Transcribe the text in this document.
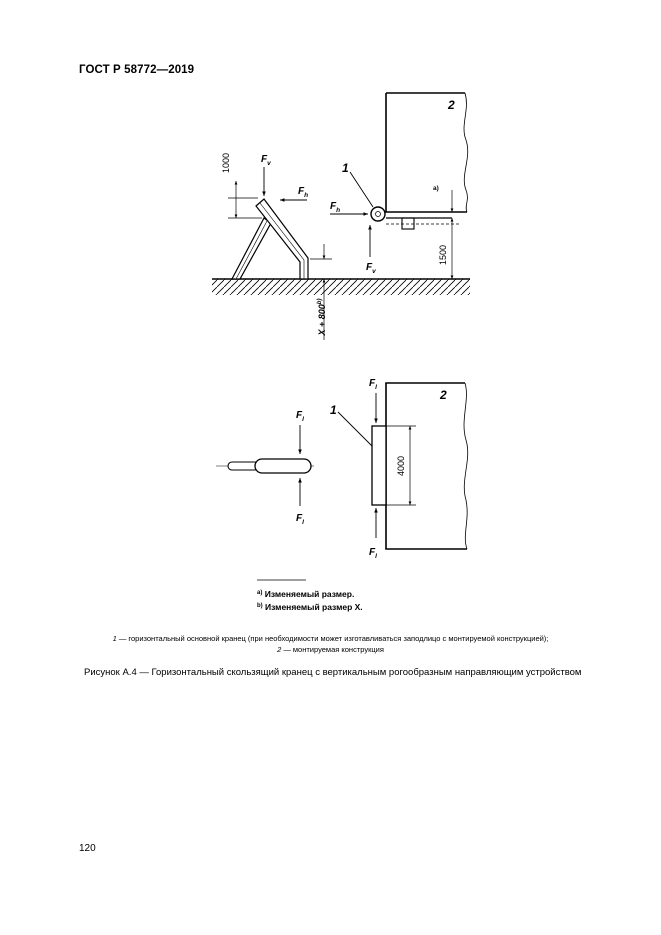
ГОСТ Р 58772—2019
1000	$F_v$
$F_h$
$X + 800^{b)}$
2
1
$F_h$
$F_v$
a)
1500
$F_l$
$F_l$
2
1
$F_l$
$F_l$
4000
$^{a)}$ Изменяемый размер.
$^{b)}$ Изменяемый размер X.
1 — горизонтальный основной кранец (при необходимости может изготавливаться заподлицо с монтируемой конструкцией);
2 — монтируемая конструкция
Рисунок А.4 — Горизонтальный скользящий кранец с вертикальным рогообразным направляющим устройством
120
